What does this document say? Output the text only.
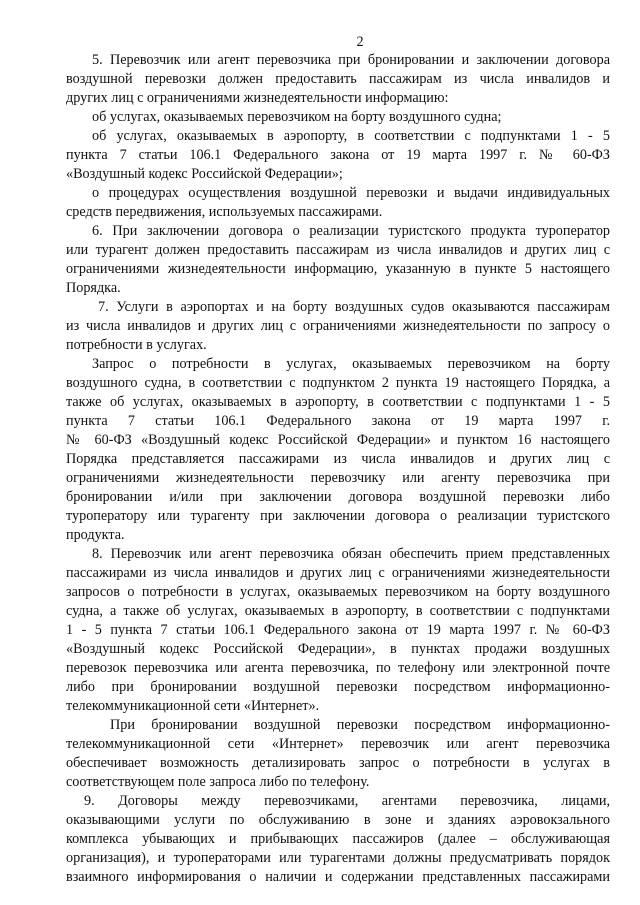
2
5. Перевозчик или агент перевозчика при бронировании и заключении договора
воздушной перевозки должен предоставить пассажирам из числа инвалидов и
других лиц с ограничениями жизнедеятельности информацию:
об услугах, оказываемых перевозчиком на борту воздушного судна;
об услугах, оказываемых в аэропорту, в соответствии с подпунктами 1 - 5
пункта 7 статьи 106.1 Федерального закона от 19 марта 1997 г. № 60-ФЗ
«Воздушный кодекс Российской Федерации»;
о процедурах осуществления воздушной перевозки и выдачи индивидуальных
средств передвижения, используемых пассажирами.
6. При заключении договора о реализации туристского продукта туроператор
или турагент должен предоставить пассажирам из числа инвалидов и других лиц с
ограничениями жизнедеятельности информацию, указанную в пункте 5 настоящего
Порядка.
7. Услуги в аэропортах и на борту воздушных судов оказываются пассажирам
из числа инвалидов и других лиц с ограничениями жизнедеятельности по запросу о
потребности в услугах.
Запрос о потребности в услугах, оказываемых перевозчиком на борту
воздушного судна, в соответствии с подпунктом 2 пункта 19 настоящего Порядка, а
также об услугах, оказываемых в аэропорту, в соответствии с подпунктами 1 - 5
пункта 7 статьи 106.1 Федерального закона от 19 марта 1997 г.
№ 60-ФЗ «Воздушный кодекс Российской Федерации» и пунктом 16 настоящего
Порядка представляется пассажирами из числа инвалидов и других лиц с
ограничениями жизнедеятельности перевозчику или агенту перевозчика при
бронировании и/или при заключении договора воздушной перевозки либо
туроператору или турагенту при заключении договора о реализации туристского
продукта.
8. Перевозчик или агент перевозчика обязан обеспечить прием представленных
пассажирами из числа инвалидов и других лиц с ограничениями жизнедеятельности
запросов о потребности в услугах, оказываемых перевозчиком на борту воздушного
судна, а также об услугах, оказываемых в аэропорту, в соответствии с подпунктами
1 - 5 пункта 7 статьи 106.1 Федерального закона от 19 марта 1997 г. № 60-ФЗ
«Воздушный кодекс Российской Федерации», в пунктах продажи воздушных
перевозок перевозчика или агента перевозчика, по телефону или электронной почте
либо при бронировании воздушной перевозки посредством информационно-
телекоммуникационной сети «Интернет».
При бронировании воздушной перевозки посредством информационно-
телекоммуникационной сети «Интернет» перевозчик или агент перевозчика
обеспечивает возможность детализировать запрос о потребности в услугах в
соответствующем поле запроса либо по телефону.
9. Договоры между перевозчиками, агентами перевозчика, лицами,
оказывающими услуги по обслуживанию в зоне и зданиях аэровокзального
комплекса убывающих и прибывающих пассажиров (далее – обслуживающая
организация), и туроператорами или турагентами должны предусматривать порядок
взаимного информирования о наличии и содержании представленных пассажирами
